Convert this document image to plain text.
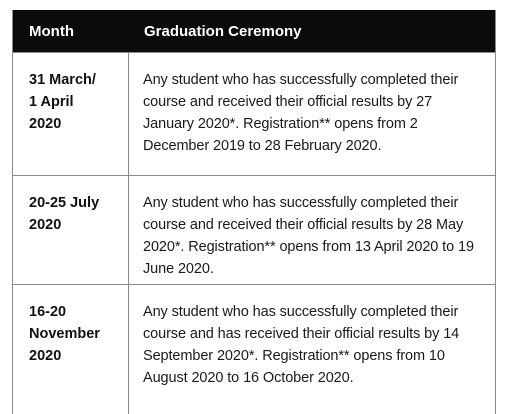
Month	Graduation Ceremony
31 March/
1 April
2020
Any student who has successfully completed their course and received their official results by 27 January 2020*. Registration** opens from 2 December 2019 to 28 February 2020.
20-25 July
2020
Any student who has successfully completed their course and received their official results by 28 May 2020*. Registration** opens from 13 April 2020 to 19 June 2020.
16-20
November
2020
Any student who has successfully completed their course and has received their official results by 14 September 2020*. Registration** opens from 10 August 2020 to 16 October 2020.
